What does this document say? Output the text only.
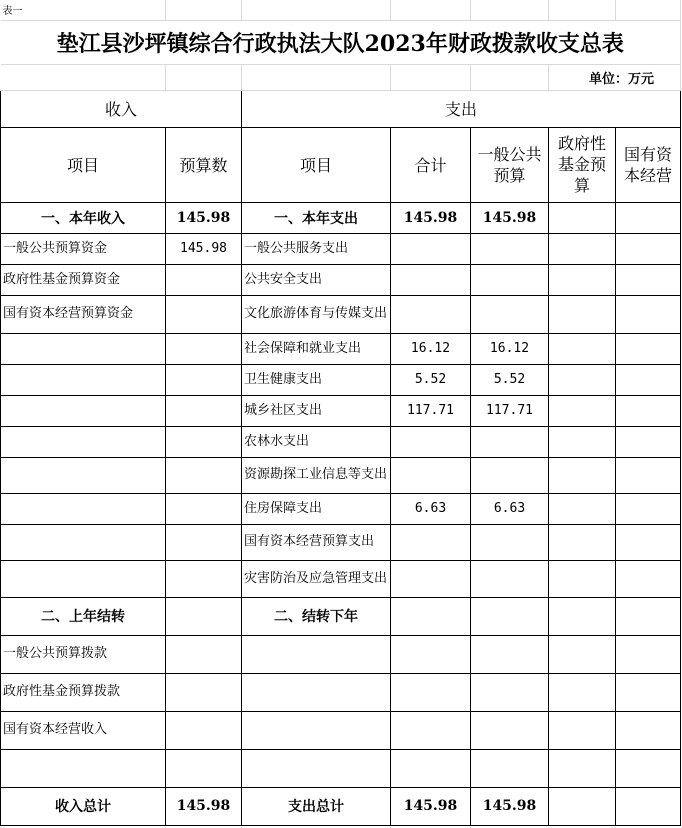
表一						
垫江县沙坪镇综合行政执法大队2023年财政拨款收支总表						
					单位：万元	
收入		支出				
项目	预算数	项目	合计	一般公共预算	政府性基金预算	国有资本经营
一、本年收入	145.98	一、本年支出	145.98	145.98		
一般公共预算资金	145.98	一般公共服务支出				
政府性基金预算资金		公共安全支出				
国有资本经营预算资金		文化旅游体育与传媒支出				
		社会保障和就业支出	16.12	16.12		
		卫生健康支出	5.52	5.52		
		城乡社区支出	117.71	117.71		
		农林水支出				
		资源勘探工业信息等支出				
		住房保障支出	6.63	6.63		
		国有资本经营预算支出				
		灾害防治及应急管理支出				
二、上年结转		二、结转下年				
一般公共预算拨款						
政府性基金预算拨款						
国有资本经营收入						

收入总计	145.98	支出总计	145.98	145.98		
